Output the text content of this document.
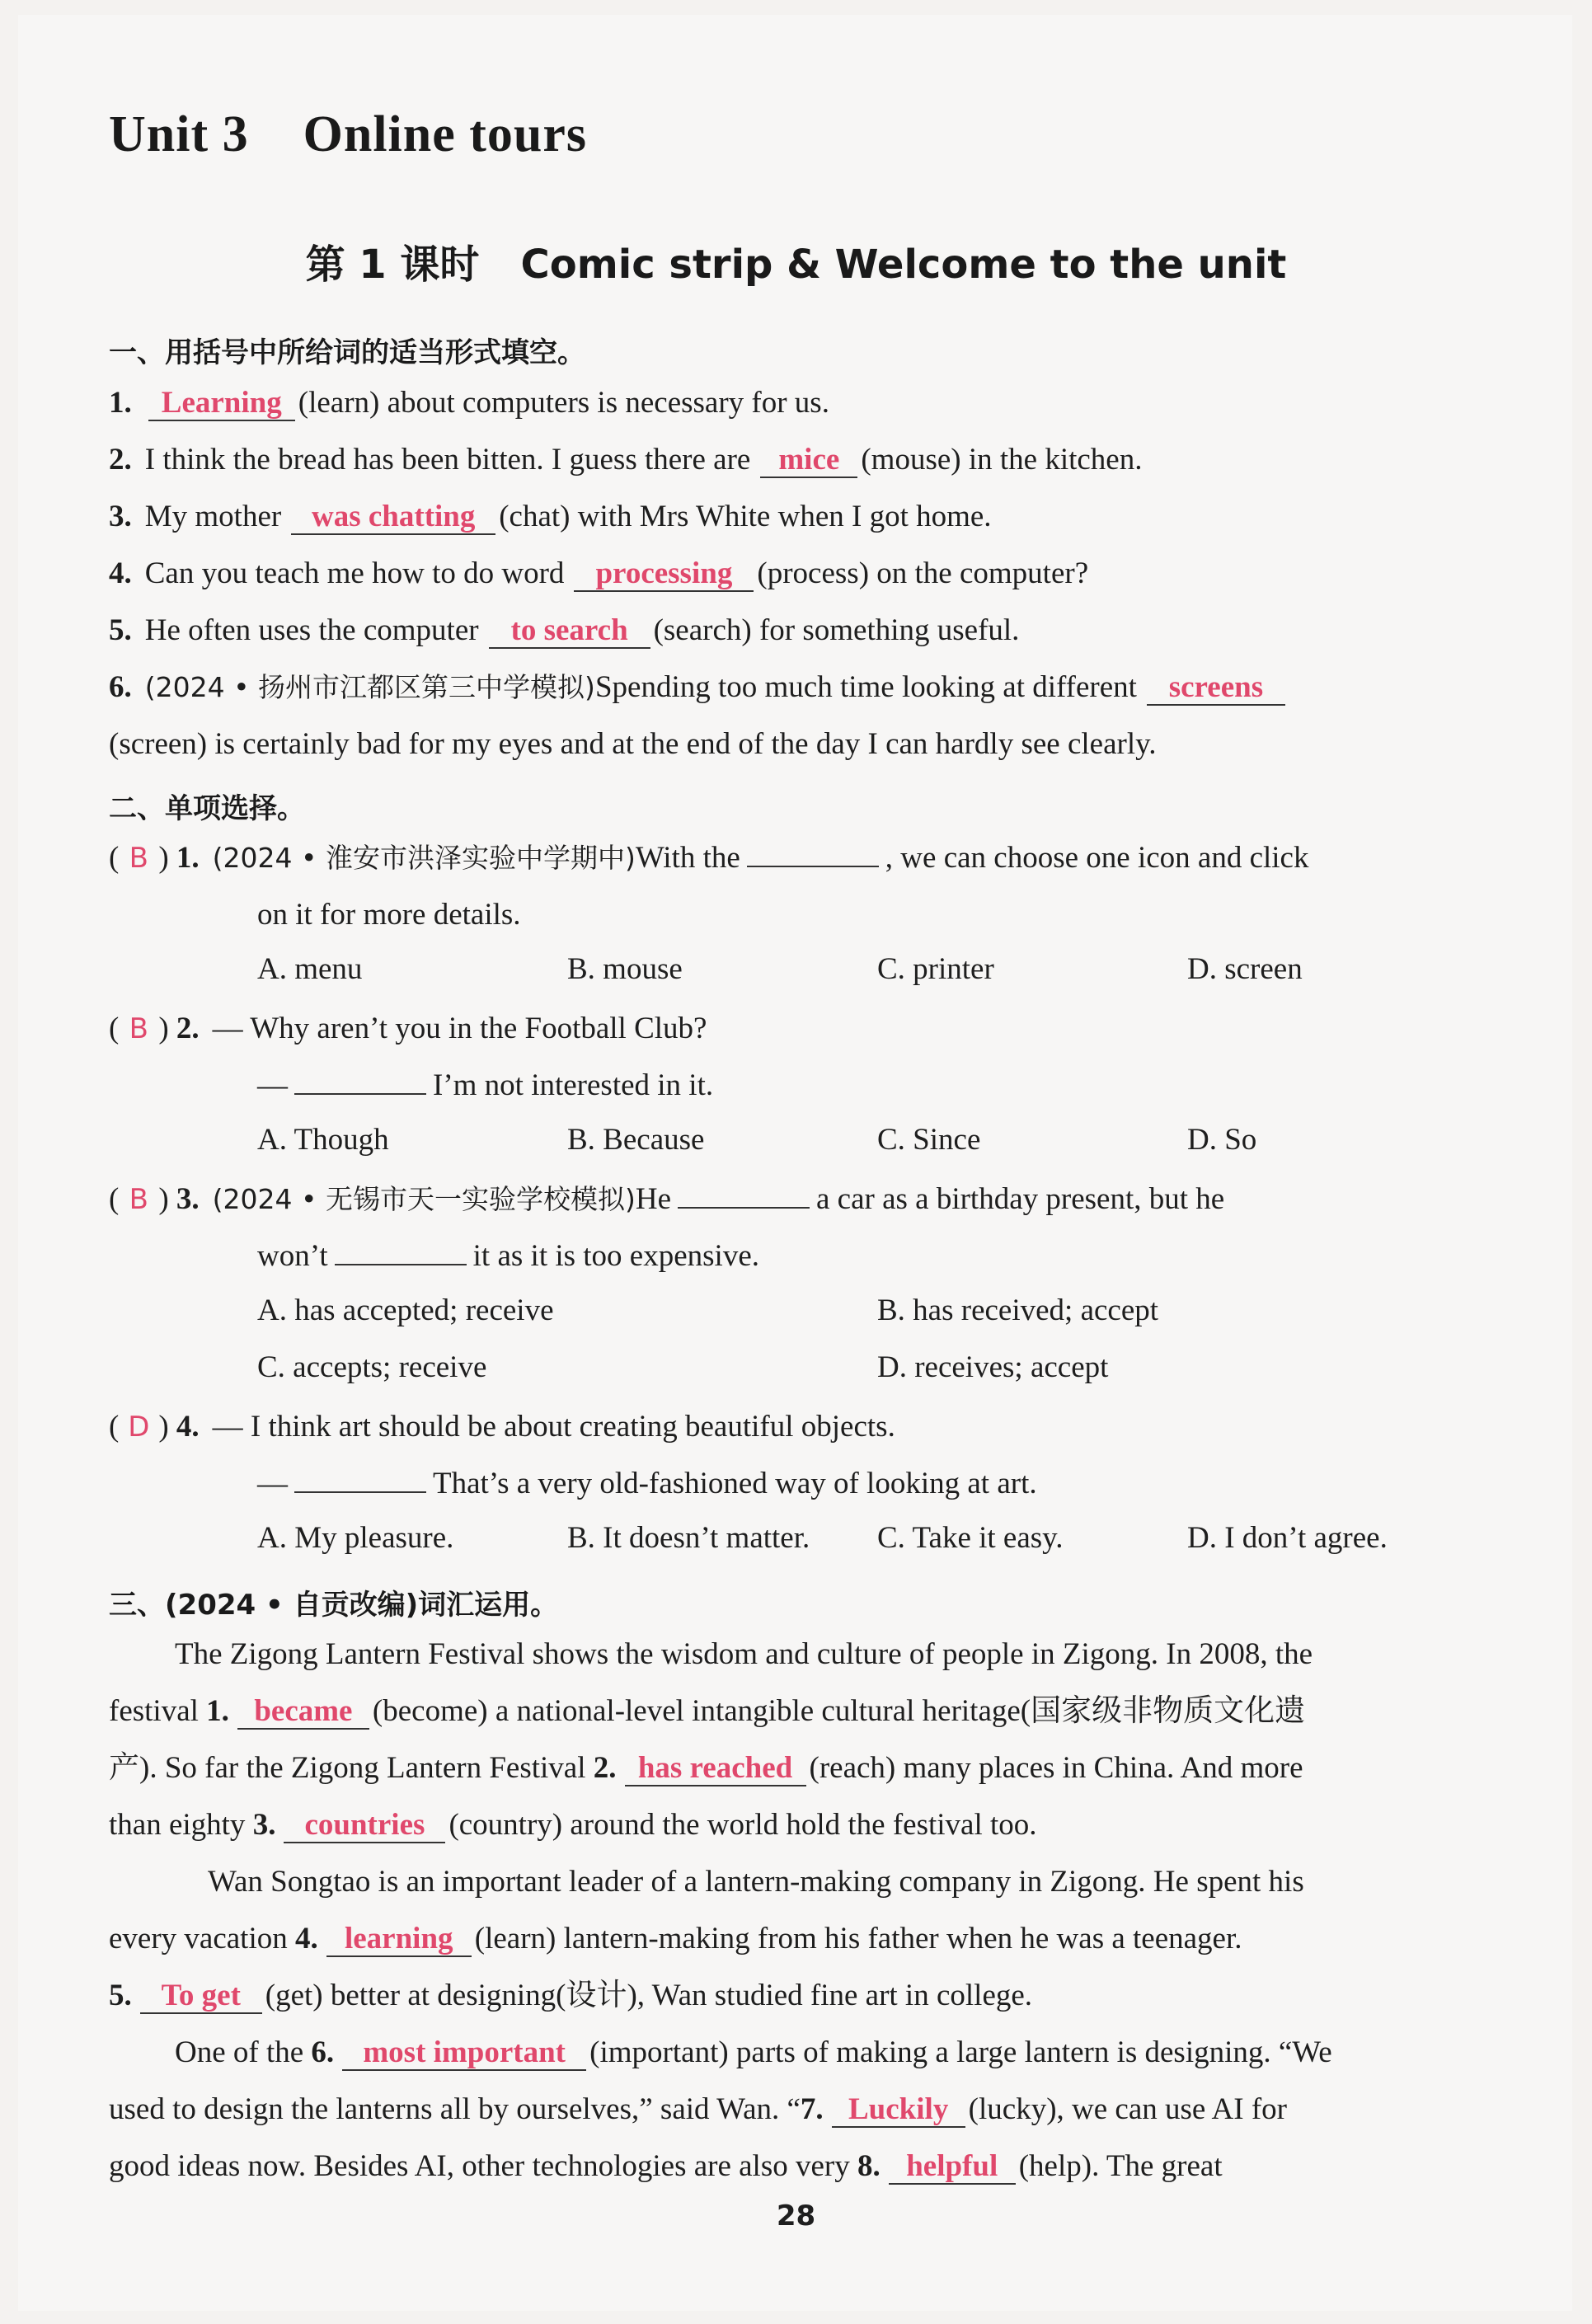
Unit 3    Online tours
第 1 课时   Comic strip & Welcome to the unit
一、用括号中所给词的适当形式填空。
1. Learning (learn) about computers is necessary for us.
2. I think the bread has been bitten. I guess there are mice (mouse) in the kitchen.
3. My mother was chatting (chat) with Mrs White when I got home.
4. Can you teach me how to do word processing (process) on the computer?
5. He often uses the computer to search (search) for something useful.
6. (2024 • 扬州市江都区第三中学模拟)Spending too much time looking at different screens
(screen) is certainly bad for my eyes and at the end of the day I can hardly see clearly.
二、单项选择。
( B ) 1. (2024 • 淮安市洪泽实验中学期中)With the	, we can choose one icon and click
on it for more details.
A. menu	B. mouse	C. printer	D. screen
( B ) 2. — Why aren’t you in the Football Club?
—	I’m not interested in it.
A. Though	B. Because	C. Since	D. So
( B ) 3. (2024 • 无锡市天一实验学校模拟)He	a car as a birthday present, but he
won’t	it as it is too expensive.
A. has accepted; receive	B. has received; accept
C. accepts; receive	D. receives; accept
( D ) 4. — I think art should be about creating beautiful objects.
—	That’s a very old-fashioned way of looking at art.
A. My pleasure.	B. It doesn’t matter. C. Take it easy.	D. I don’t agree.
三、(2024 • 自贡改编)词汇运用。
The Zigong Lantern Festival shows the wisdom and culture of people in Zigong. In 2008, the
festival 1. became (become) a national-level intangible cultural heritage(国家级非物质文化遗
产). So far the Zigong Lantern Festival 2. has reached (reach) many places in China. And more
than eighty 3. countries (country) around the world hold the festival too.
Wan Songtao is an important leader of a lantern-making company in Zigong. He spent his
every vacation 4. learning (learn) lantern-making from his father when he was a teenager.
5. To get (get) better at designing(设计), Wan studied fine art in college.
One of the 6. most important (important) parts of making a large lantern is designing. “We
used to design the lanterns all by ourselves,” said Wan. “7. Luckily (lucky), we can use AI for
good ideas now. Besides AI, other technologies are also very 8. helpful (help). The great
28
